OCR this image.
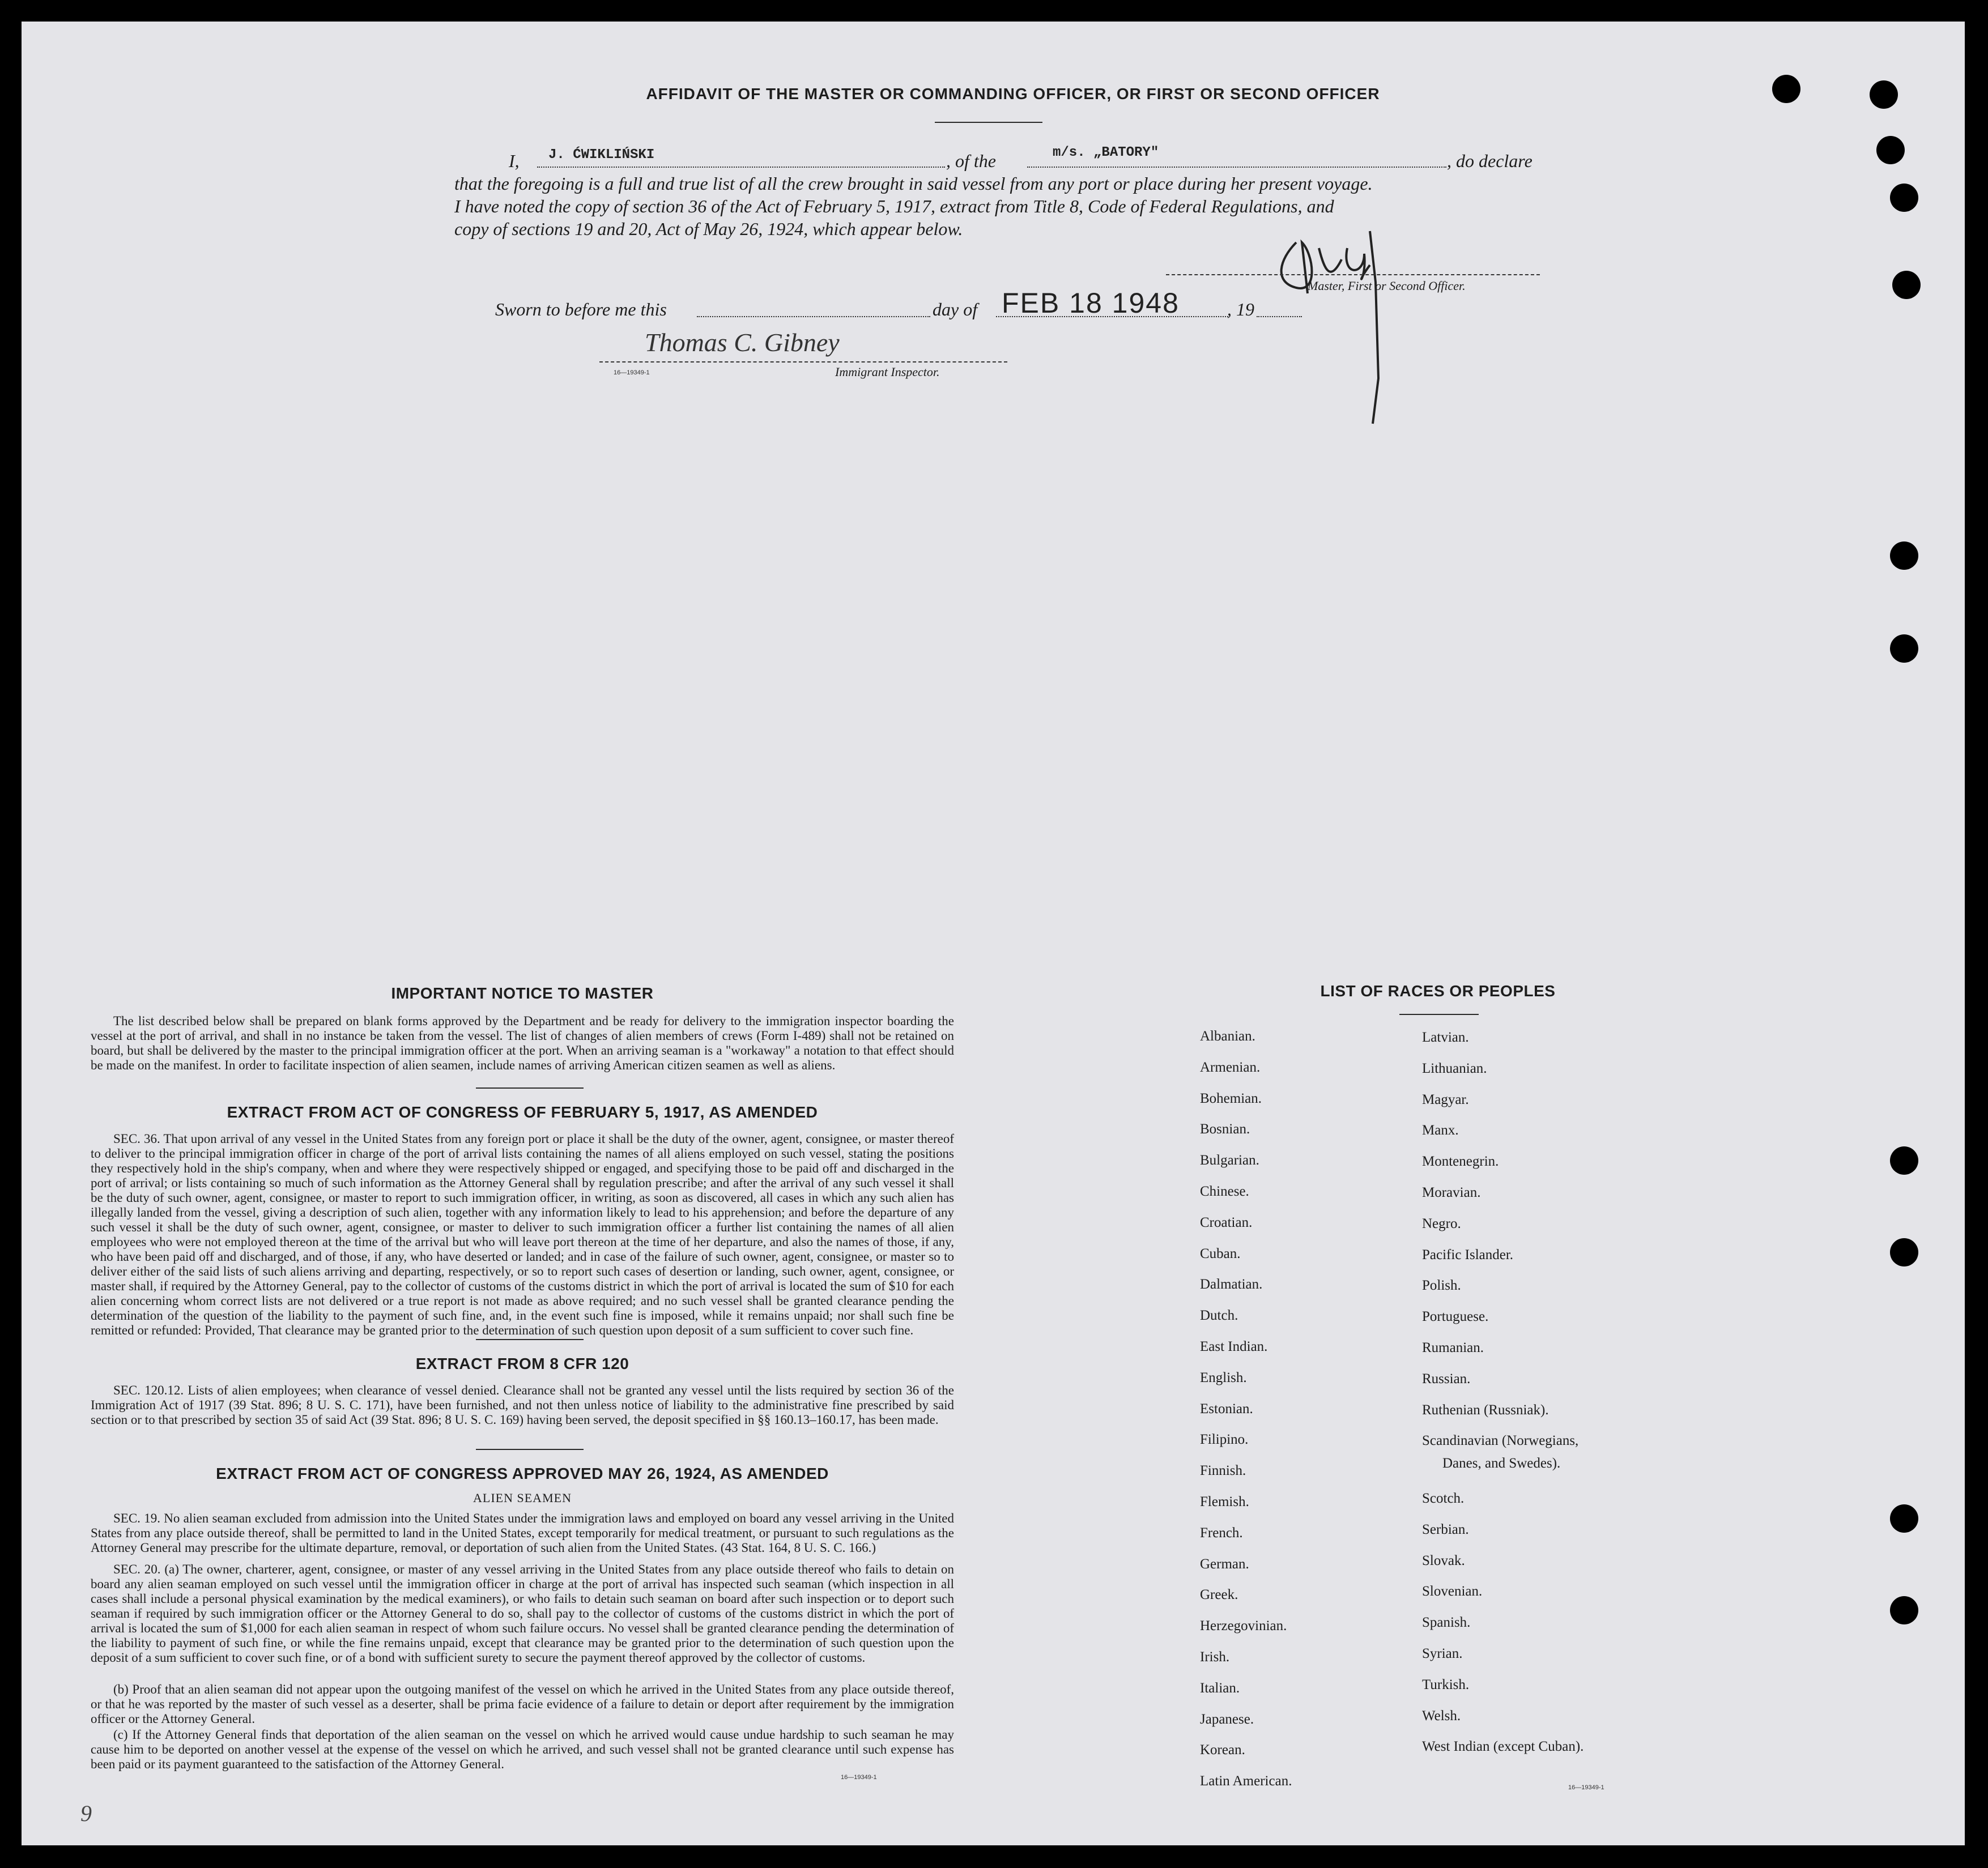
AFFIDAVIT OF THE MASTER OR COMMANDING OFFICER, OR FIRST OR SECOND OFFICER
I, J. ĆWIKLIŃSKI	, of the	m/s. „BATORY"	, do declare
that the foregoing is a full and true list of all the crew brought in said vessel from any port or place during her present voyage.
I have noted the copy of section 36 of the Act of February 5, 1917, extract from Title 8, Code of Federal Regulations, and
copy of sections 19 and 20, Act of May 26, 1924, which appear below.
Master, First or Second Officer.
Sworn to before me this	day of FEB 18 1948	, 19
Thomas C. Gibney
16—19349-1	Immigrant Inspector.
IMPORTANT NOTICE TO MASTER
The list described below shall be prepared on blank forms approved by the Department and be ready for delivery to the immigration inspector boarding the vessel at the port of arrival, and shall in no instance be taken from the vessel. The list of changes of alien members of crews (Form I-489) shall not be retained on board, but shall be delivered by the master to the principal immigration officer at the port. When an arriving seaman is a "workaway" a notation to that effect should be made on the manifest. In order to facilitate inspection of alien seamen, include names of arriving American citizen seamen as well as aliens.
EXTRACT FROM ACT OF CONGRESS OF FEBRUARY 5, 1917, AS AMENDED
SEC. 36. That upon arrival of any vessel in the United States from any foreign port or place it shall be the duty of the owner, agent, consignee, or master thereof to deliver to the principal immigration officer in charge of the port of arrival lists containing the names of all aliens employed on such vessel, stating the positions they respectively hold in the ship's company, when and where they were respectively shipped or engaged, and specifying those to be paid off and discharged in the port of arrival; or lists containing so much of such information as the Attorney General shall by regulation prescribe; and after the arrival of any such vessel it shall be the duty of such owner, agent, consignee, or master to report to such immigration officer, in writing, as soon as discovered, all cases in which any such alien has illegally landed from the vessel, giving a description of such alien, together with any information likely to lead to his apprehension; and before the departure of any such vessel it shall be the duty of such owner, agent, consignee, or master to deliver to such immigration officer a further list containing the names of all alien employees who were not employed thereon at the time of the arrival but who will leave port thereon at the time of her departure, and also the names of those, if any, who have been paid off and discharged, and of those, if any, who have deserted or landed; and in case of the failure of such owner, agent, consignee, or master so to deliver either of the said lists of such aliens arriving and departing, respectively, or so to report such cases of desertion or landing, such owner, agent, consignee, or master shall, if required by the Attorney General, pay to the collector of customs of the customs district in which the port of arrival is located the sum of $10 for each alien concerning whom correct lists are not delivered or a true report is not made as above required; and no such vessel shall be granted clearance pending the determination of the question of the liability to the payment of such fine, and, in the event such fine is imposed, while it remains unpaid; nor shall such fine be remitted or refunded: Provided, That clearance may be granted prior to the determination of such question upon deposit of a sum sufficient to cover such fine.
EXTRACT FROM 8 CFR 120
SEC. 120.12. Lists of alien employees; when clearance of vessel denied. Clearance shall not be granted any vessel until the lists required by section 36 of the Immigration Act of 1917 (39 Stat. 896; 8 U. S. C. 171), have been furnished, and not then unless notice of liability to the administrative fine prescribed by said section or to that prescribed by section 35 of said Act (39 Stat. 896; 8 U. S. C. 169) having been served, the deposit specified in §§ 160.13–160.17, has been made.
EXTRACT FROM ACT OF CONGRESS APPROVED MAY 26, 1924, AS AMENDED
ALIEN SEAMEN
SEC. 19. No alien seaman excluded from admission into the United States under the immigration laws and employed on board any vessel arriving in the United States from any place outside thereof, shall be permitted to land in the United States, except temporarily for medical treatment, or pursuant to such regulations as the Attorney General may prescribe for the ultimate departure, removal, or deportation of such alien from the United States. (43 Stat. 164, 8 U. S. C. 166.)
SEC. 20. (a) The owner, charterer, agent, consignee, or master of any vessel arriving in the United States from any place outside thereof who fails to detain on board any alien seaman employed on such vessel until the immigration officer in charge at the port of arrival has inspected such seaman (which inspection in all cases shall include a personal physical examination by the medical examiners), or who fails to detain such seaman on board after such inspection or to deport such seaman if required by such immigration officer or the Attorney General to do so, shall pay to the collector of customs of the customs district in which the port of arrival is located the sum of $1,000 for each alien seaman in respect of whom such failure occurs. No vessel shall be granted clearance pending the determination of the liability to payment of such fine, or while the fine remains unpaid, except that clearance may be granted prior to the determination of such question upon the deposit of a sum sufficient to cover such fine, or of a bond with sufficient surety to secure the payment thereof approved by the collector of customs.
(b) Proof that an alien seaman did not appear upon the outgoing manifest of the vessel on which he arrived in the United States from any place outside thereof, or that he was reported by the master of such vessel as a deserter, shall be prima facie evidence of a failure to detain or deport after requirement by the immigration officer or the Attorney General.
(c) If the Attorney General finds that deportation of the alien seaman on the vessel on which he arrived would cause undue hardship to such seaman he may cause him to be deported on another vessel at the expense of the vessel on which he arrived, and such vessel shall not be granted clearance until such expense has been paid or its payment guaranteed to the satisfaction of the Attorney General.
16—19349-1
LIST OF RACES OR PEOPLES
Albanian.
Armenian.
Bohemian.
Bosnian.
Bulgarian.
Chinese.
Croatian.
Cuban.
Dalmatian.
Dutch.
East Indian.
English.
Estonian.
Filipino.
Finnish.
Flemish.
French.
German.
Greek.
Herzegovinian.
Irish.
Italian.
Japanese.
Korean.
Latin American.
Latvian.
Lithuanian.
Magyar.
Manx.
Montenegrin.
Moravian.
Negro.
Pacific Islander.
Polish.
Portuguese.
Rumanian.
Russian.
Ruthenian (Russniak).
Scandinavian (Norwegians,
Danes, and Swedes).
Scotch.
Serbian.
Slovak.
Slovenian.
Spanish.
Syrian.
Turkish.
Welsh.
West Indian (except Cuban).
16—19349-1
9
